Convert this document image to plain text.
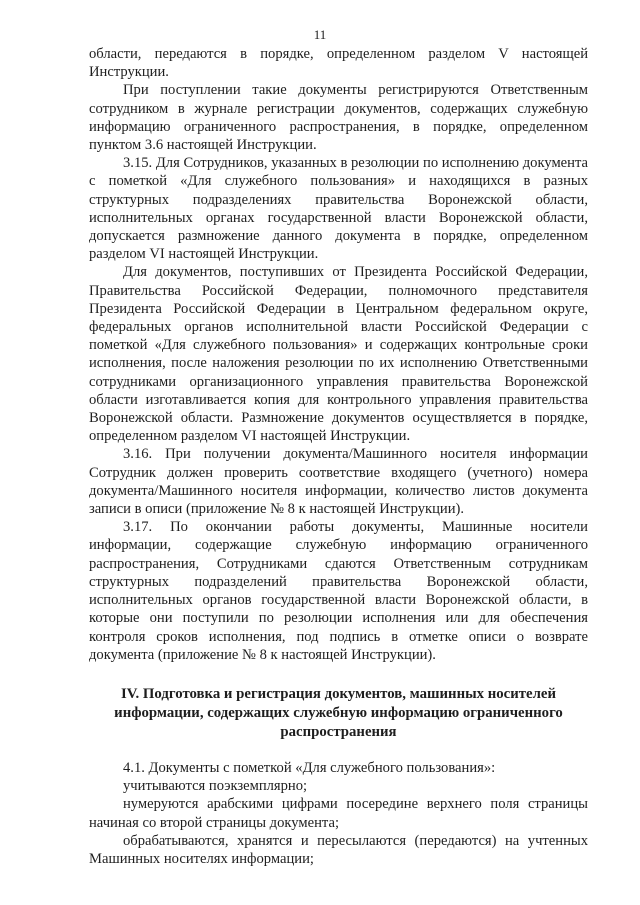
11

области, передаются в порядке, определенном разделом V настоящей Инструкции.

При поступлении такие документы регистрируются Ответственным сотрудником в журнале регистрации документов, содержащих служебную информацию ограниченного распространения, в порядке, определенном пунктом 3.6 настоящей Инструкции.

3.15. Для Сотрудников, указанных в резолюции по исполнению документа с пометкой «Для служебного пользования» и находящихся в разных структурных подразделениях правительства Воронежской области, исполнительных органах государственной власти Воронежской области, допускается размножение данного документа в порядке, определенном разделом VI настоящей Инструкции.

Для документов, поступивших от Президента Российской Федерации, Правительства Российской Федерации, полномочного представителя Президента Российской Федерации в Центральном федеральном округе, федеральных органов исполнительной власти Российской Федерации с пометкой «Для служебного пользования» и содержащих контрольные сроки исполнения, после наложения резолюции по их исполнению Ответственными сотрудниками организационного управления правительства Воронежской области изготавливается копия для контрольного управления правительства Воронежской области. Размножение документов осуществляется в порядке, определенном разделом VI настоящей Инструкции.

3.16. При получении документа/Машинного носителя информации Сотрудник должен проверить соответствие входящего (учетного) номера документа/Машинного носителя информации, количество листов документа записи в описи (приложение № 8 к настоящей Инструкции).

3.17. По окончании работы документы, Машинные носители информации, содержащие служебную информацию ограниченного распространения, Сотрудниками сдаются Ответственным сотрудникам структурных подразделений правительства Воронежской области, исполнительных органов государственной власти Воронежской области, в которые они поступили по резолюции исполнения или для обеспечения контроля сроков исполнения, под подпись в отметке описи о возврате документа (приложение № 8 к настоящей Инструкции).

IV. Подготовка и регистрация документов, машинных носителей информации, содержащих служебную информацию ограниченного распространения

4.1. Документы с пометкой «Для служебного пользования»:

учитываются поэкземплярно;

нумеруются арабскими цифрами посередине верхнего поля страницы начиная со второй страницы документа;

обрабатываются, хранятся и пересылаются (передаются) на учтенных Машинных носителях информации;
